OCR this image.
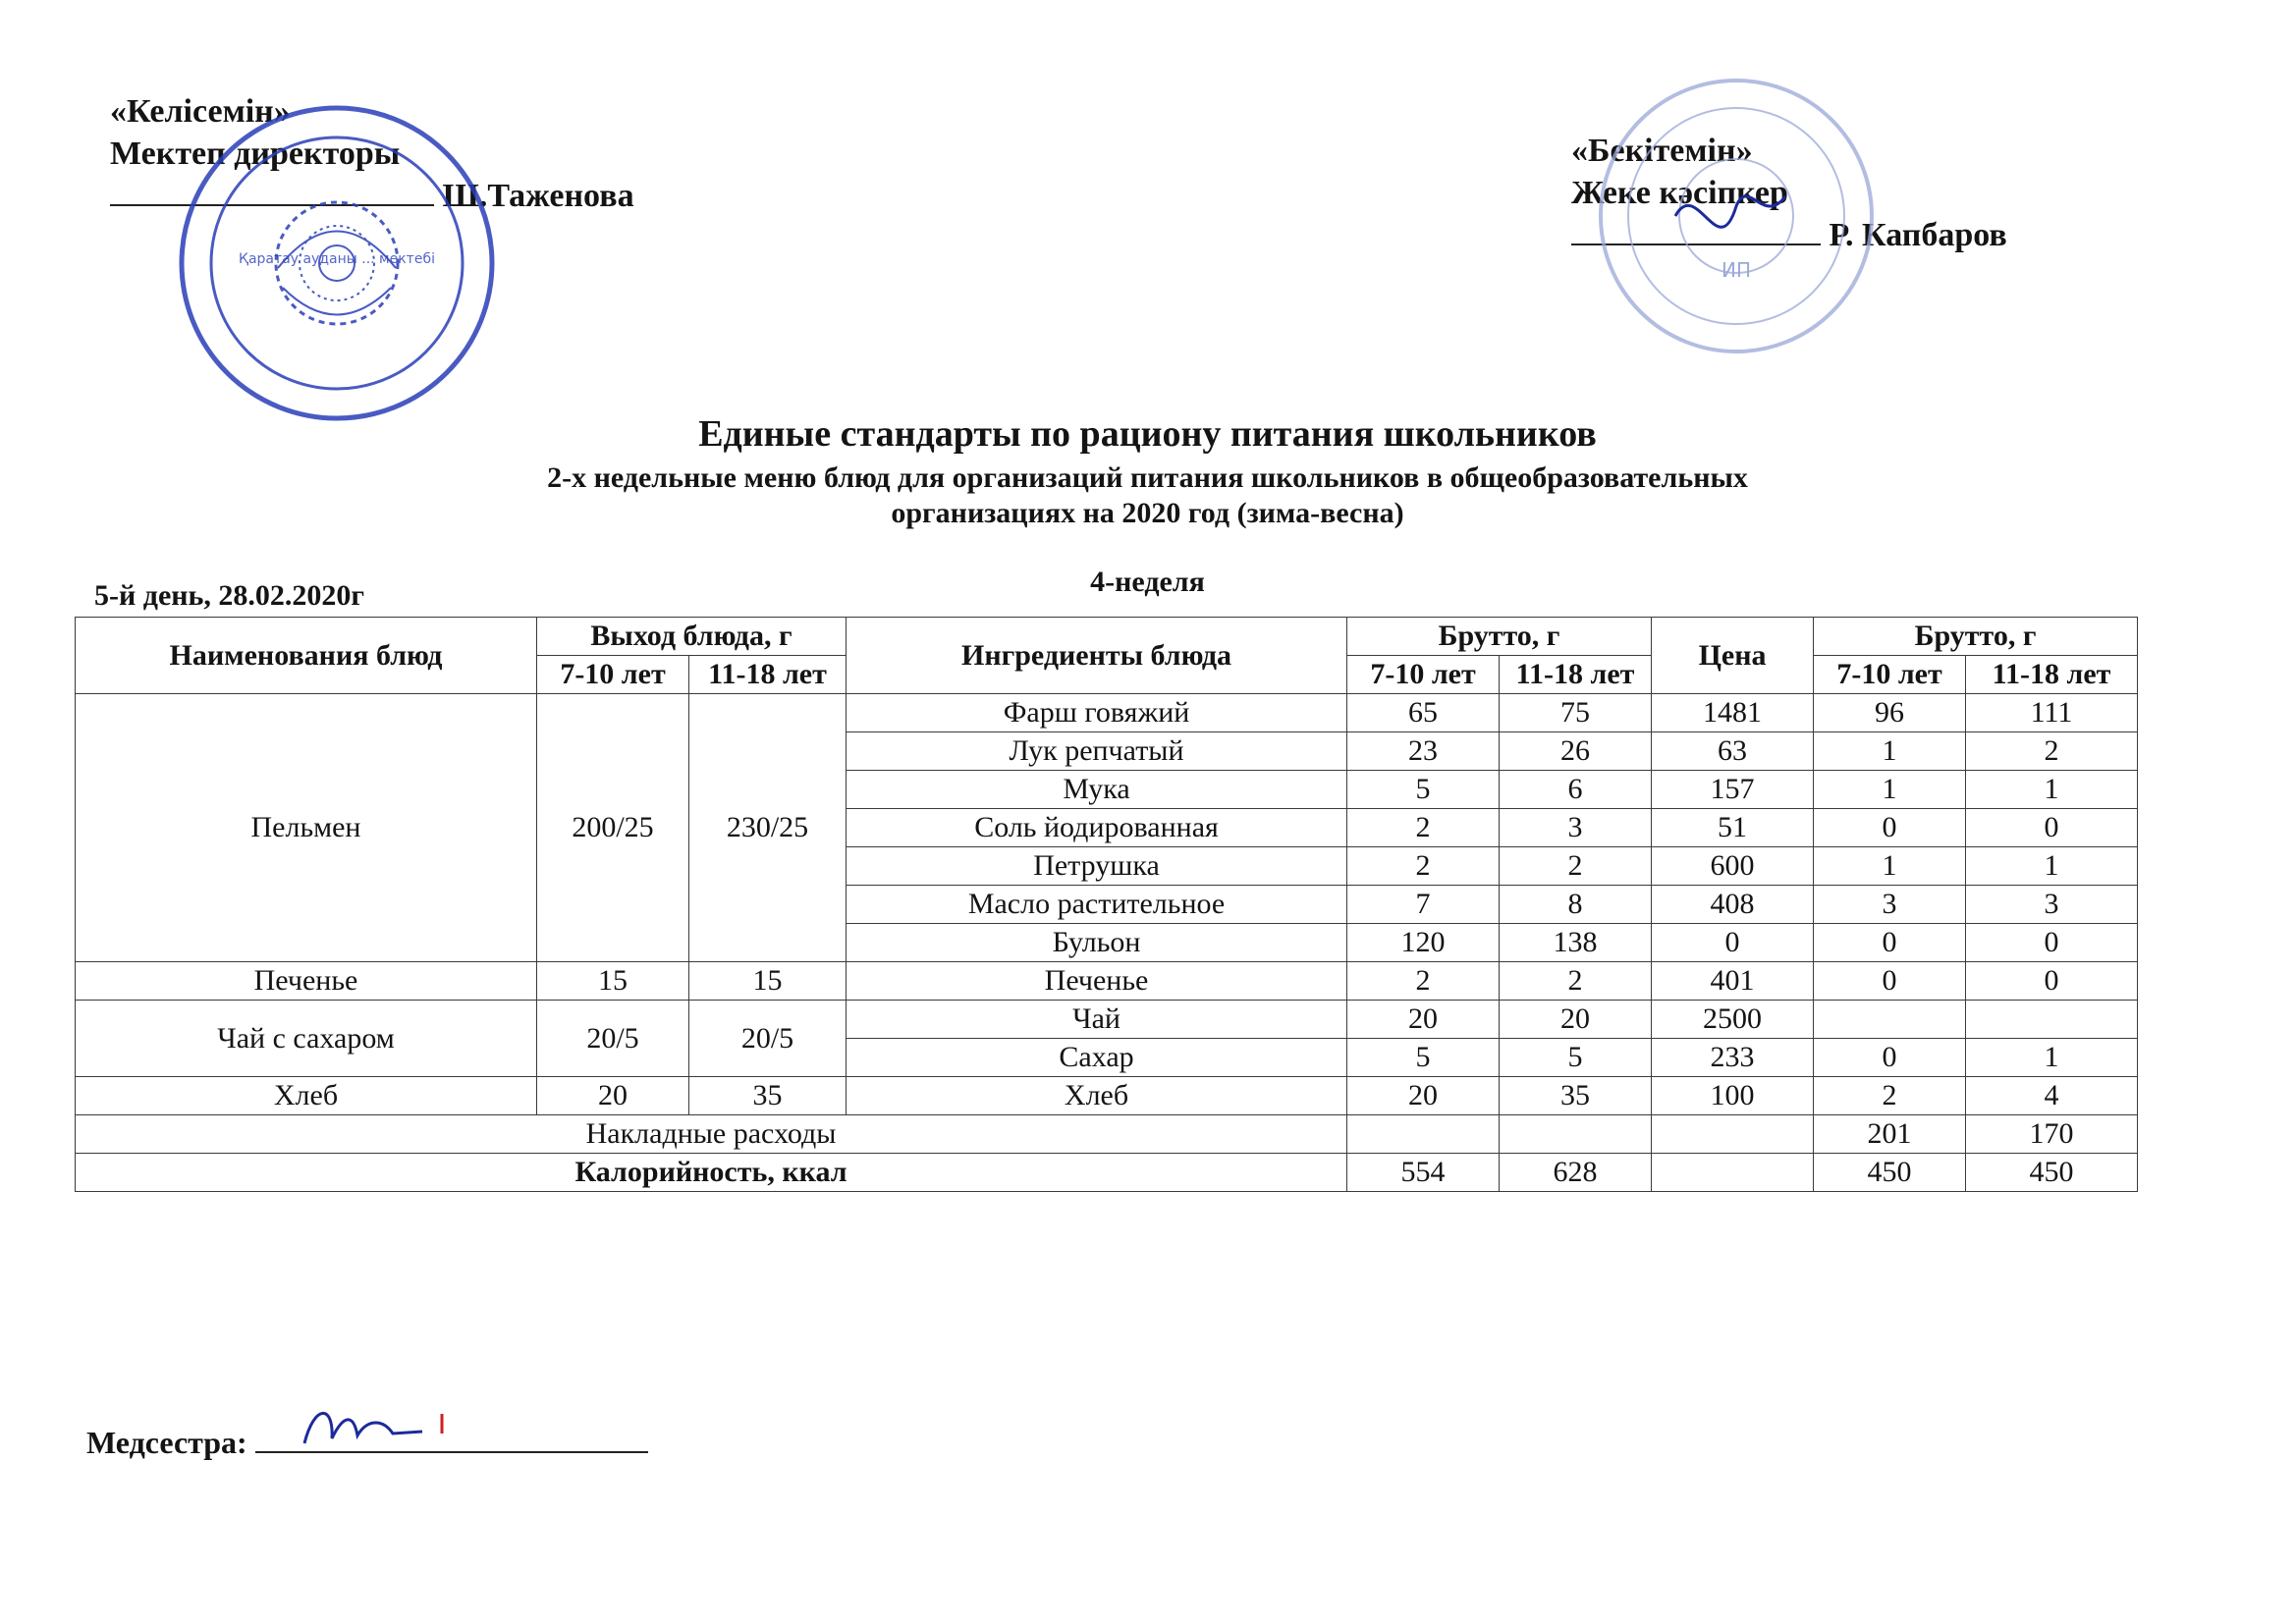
«Келісемін»
Мектеп директоры
Ш.Таженова
Қаратау ауданы ... мектебі
«Бекітемін»
Жеке кәсіпкер
Р. Капбаров
ИП
Единые стандарты по рациону питания школьников
2-х недельные меню блюд для организаций питания школьников в общеобразовательных
организациях на 2020 год (зима-весна)
4-неделя
5-й день, 28.02.2020г
Наименования блюд	Выход блюда, г		Ингредиенты блюда	Брутто, г		Цена	Брутто, г	
	7-10 лет	11-18 лет		7-10 лет	11-18 лет		7-10 лет	11-18 лет
Пельмен	200/25	230/25	Фарш говяжий	65	75	1481	96	111
			Лук репчатый	23	26	63	1	2
			Мука	5	6	157	1	1
			Соль йодированная	2	3	51	0	0
			Петрушка	2	2	600	1	1
			Масло растительное	7	8	408	3	3
			Бульон	120	138	0	0	0
Печенье	15	15	Печенье	2	2	401	0	0
Чай с сахаром	20/5	20/5	Чай	20	20	2500		
			Сахар	5	5	233	0	1
Хлеб	20	35	Хлеб	20	35	100	2	4
Накладные расходы							201	170
Калорийность, ккал				554	628		450	450
Медсестра:
